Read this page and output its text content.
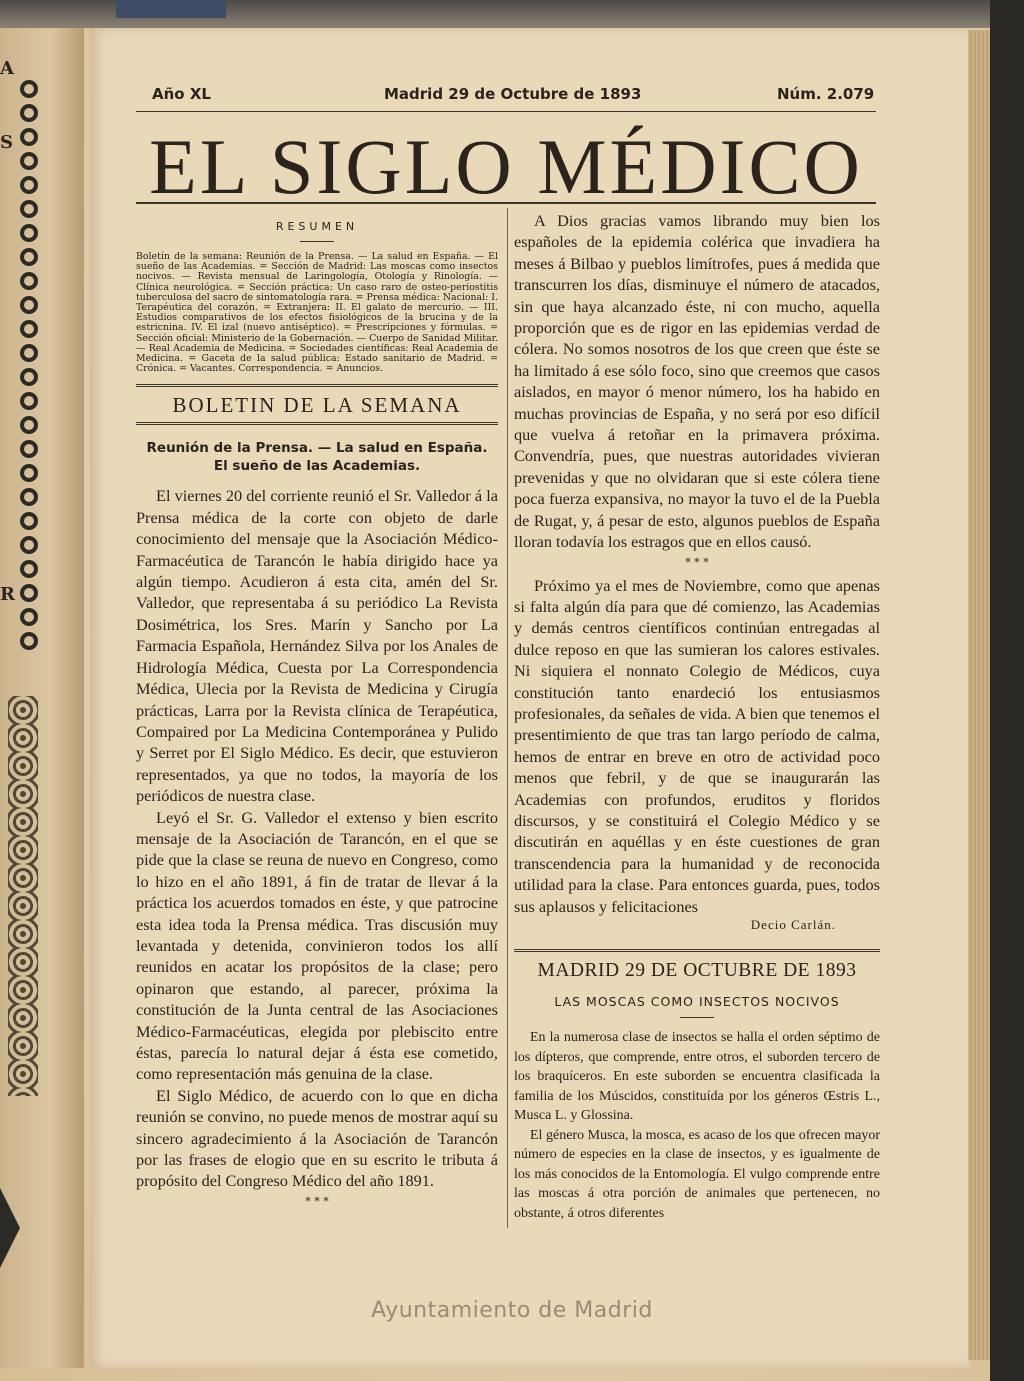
A
S
R
Año XL	Madrid 29 de Octubre de 1893	Núm. 2.079
EL SIGLO MÉDICO
RESUMEN
Boletín de la semana: Reunión de la Prensa. — La salud en España. — El sueño de las Academias. = Sección de Madrid: Las moscas como insectos nocivos. — Revista mensual de Laringología, Otología y Rinología. — Clínica neurológica. = Sección práctica: Un caso raro de osteo-periostitis tuberculosa del sacro de sintomatología rara. = Prensa médica: Nacional: I. Terapéutica del corazón. = Extranjera: II. El galato de mercurio. — III. Estudios comparativos de los efectos fisiológicos de la brucina y de la estricnina. IV. El izal (nuevo antiséptico). = Prescripciones y fórmulas. = Sección oficial: Ministerio de la Gobernación. — Cuerpo de Sanidad Militar. — Real Academia de Medicina. = Sociedades científicas: Real Academia de Medicina. = Gaceta de la salud pública: Estado sanitario de Madrid. = Crónica. = Vacantes. Correspondencia. = Anuncios.
BOLETIN DE LA SEMANA
Reunión de la Prensa. — La salud en España.
El sueño de las Academias.

El viernes 20 del corriente reunió el Sr. Valledor á la Prensa médica de la corte con objeto de darle conocimiento del mensaje que la Asociación Médico-Farmacéutica de Tarancón le había dirigido hace ya algún tiempo. Acudieron á esta cita, amén del Sr. Valledor, que representaba á su periódico La Revista Dosimétrica, los Sres. Marín y Sancho por La Farmacia Española, Hernández Silva por los Anales de Hidrología Médica, Cuesta por La Correspondencia Médica, Ulecia por la Revista de Medicina y Cirugía prácticas, Larra por la Revista clínica de Terapéutica, Compaired por La Medicina Contemporánea y Pulido y Serret por El Siglo Médico. Es decir, que estuvieron representados, ya que no todos, la mayoría de los periódicos de nuestra clase.

Leyó el Sr. G. Valledor el extenso y bien escrito mensaje de la Asociación de Tarancón, en el que se pide que la clase se reuna de nuevo en Congreso, como lo hizo en el año 1891, á fin de tratar de llevar á la práctica los acuerdos tomados en éste, y que patrocine esta idea toda la Prensa médica. Tras discusión muy levantada y detenida, convinieron todos los allí reunidos en acatar los propósitos de la clase; pero opinaron que estando, al parecer, próxima la constitución de la Junta central de las Asociaciones Médico-Farmacéuticas, elegida por plebiscito entre éstas, parecía lo natural dejar á ésta ese cometido, como representación más genuina de la clase.

El Siglo Médico, de acuerdo con lo que en dicha reunión se convino, no puede menos de mostrar aquí su sincero agradecimiento á la Asociación de Tarancón por las frases de elogio que en su escrito le tributa á propósito del Congreso Médico del año 1891.

* * *

A Dios gracias vamos librando muy bien los españoles de la epidemia colérica que invadiera ha meses á Bilbao y pueblos limítrofes, pues á medida que transcurren los días, disminuye el número de atacados, sin que haya alcanzado éste, ni con mucho, aquella proporción que es de rigor en las epidemias verdad de cólera. No somos nosotros de los que creen que éste se ha limitado á ese sólo foco, sino que creemos que casos aislados, en mayor ó menor número, los ha habido en muchas provincias de España, y no será por eso difícil que vuelva á retoñar en la primavera próxima. Convendría, pues, que nuestras autoridades vivieran prevenidas y que no olvidaran que si este cólera tiene poca fuerza expansiva, no mayor la tuvo el de la Puebla de Rugat, y, á pesar de esto, algunos pueblos de España lloran todavía los estragos que en ellos causó.

* * *

Próximo ya el mes de Noviembre, como que apenas si falta algún día para que dé comienzo, las Academias y demás centros científicos continúan entregadas al dulce reposo en que las sumieran los calores estivales. Ni siquiera el nonnato Colegio de Médicos, cuya constitución tanto enardeció los entusiasmos profesionales, da señales de vida. A bien que tenemos el presentimiento de que tras tan largo período de calma, hemos de entrar en breve en otro de actividad poco menos que febril, y de que se inaugurarán las Academias con profundos, eruditos y floridos discursos, y se constituirá el Colegio Médico y se discutirán en aquéllas y en éste cuestiones de gran transcendencia para la humanidad y de reconocida utilidad para la clase. Para entonces guarda, pues, todos sus aplausos y felicitaciones

Decio Carlán.
MADRID 29 DE OCTUBRE DE 1893
LAS MOSCAS COMO INSECTOS NOCIVOS

En la numerosa clase de insectos se halla el orden séptimo de los dípteros, que comprende, entre otros, el suborden tercero de los braquíceros. En este suborden se encuentra clasificada la familia de los Múscidos, constituída por los géneros Œstris L., Musca L. y Glossina.

El género Musca, la mosca, es acaso de los que ofrecen mayor número de especies en la clase de insectos, y es igualmente de los más conocidos de la Entomología. El vulgo comprende entre las moscas á otra porción de animales que pertenecen, no obstante, á otros diferentes

Ayuntamiento de Madrid
